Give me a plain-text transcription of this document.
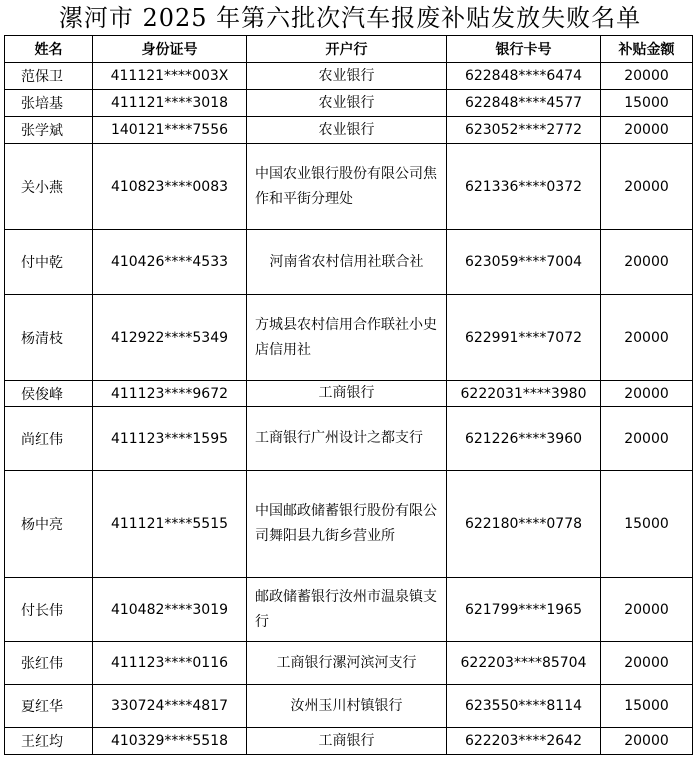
漯河市 2025 年第六批次汽车报废补贴发放失败名单
姓名	身份证号	开户行	银行卡号	补贴金额
范保卫	411121****003X	农业银行	622848****6474	20000
张培基	411121****3018	农业银行	622848****4577	15000
张学斌	140121****7556	农业银行	623052****2772	20000
关小燕	410823****0083	中国农业银行股份有限公司焦作和平街分理处	621336****0372	20000
付中乾	410426****4533	河南省农村信用社联合社	623059****7004	20000
杨清枝	412922****5349	方城县农村信用合作联社小史店信用社	622991****7072	20000
侯俊峰	411123****9672	工商银行	6222031****3980	20000
尚红伟	411123****1595	工商银行广州设计之都支行	621226****3960	20000
杨中亮	411121****5515	中国邮政储蓄银行股份有限公司舞阳县九街乡营业所	622180****0778	15000
付长伟	410482****3019	邮政储蓄银行汝州市温泉镇支行	621799****1965	20000
张红伟	411123****0116	工商银行漯河滨河支行	622203****85704	20000
夏红华	330724****4817	汝州玉川村镇银行	623550****8114	15000
王红均	410329****5518	工商银行	622203****2642	20000
